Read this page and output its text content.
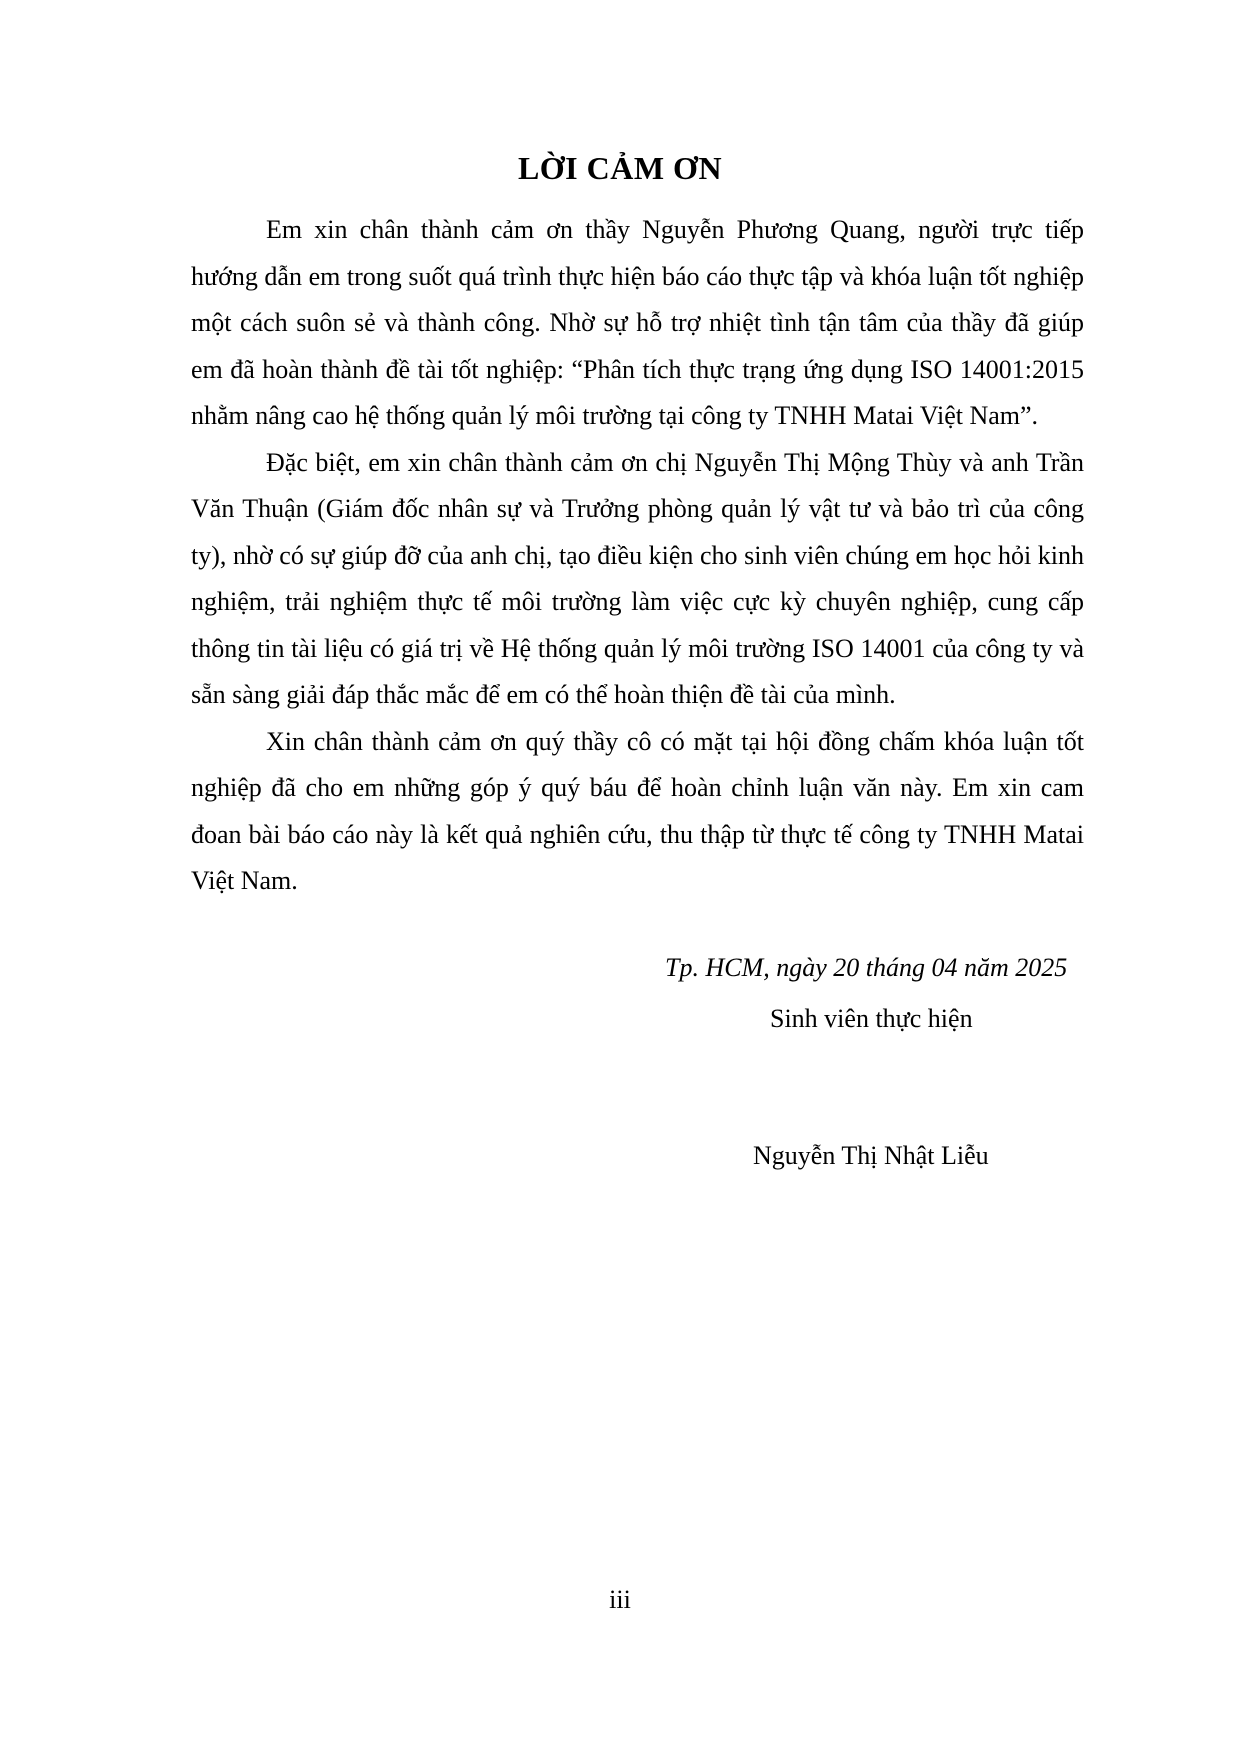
LỜI CẢM ƠN

Em xin chân thành cảm ơn thầy Nguyễn Phương Quang, người trực tiếp hướng dẫn em trong suốt quá trình thực hiện báo cáo thực tập và khóa luận tốt nghiệp một cách suôn sẻ và thành công. Nhờ sự hỗ trợ nhiệt tình tận tâm của thầy đã giúp em đã hoàn thành đề tài tốt nghiệp: “Phân tích thực trạng ứng dụng ISO 14001:2015 nhằm nâng cao hệ thống quản lý môi trường tại công ty TNHH Matai Việt Nam”.

Đặc biệt, em xin chân thành cảm ơn chị Nguyễn Thị Mộng Thùy và anh Trần Văn Thuận (Giám đốc nhân sự và Trưởng phòng quản lý vật tư và bảo trì của công ty), nhờ có sự giúp đỡ của anh chị, tạo điều kiện cho sinh viên chúng em học hỏi kinh nghiệm, trải nghiệm thực tế môi trường làm việc cực kỳ chuyên nghiệp, cung cấp thông tin tài liệu có giá trị về Hệ thống quản lý môi trường ISO 14001 của công ty và sẵn sàng giải đáp thắc mắc để em có thể hoàn thiện đề tài của mình.

Xin chân thành cảm ơn quý thầy cô có mặt tại hội đồng chấm khóa luận tốt nghiệp đã cho em những góp ý quý báu để hoàn chỉnh luận văn này. Em xin cam đoan bài báo cáo này là kết quả nghiên cứu, thu thập từ thực tế công ty TNHH Matai Việt Nam.

Tp. HCM, ngày 20 tháng 04 năm 2025
Sinh viên thực hiện
Nguyễn Thị Nhật Liễu
iii
